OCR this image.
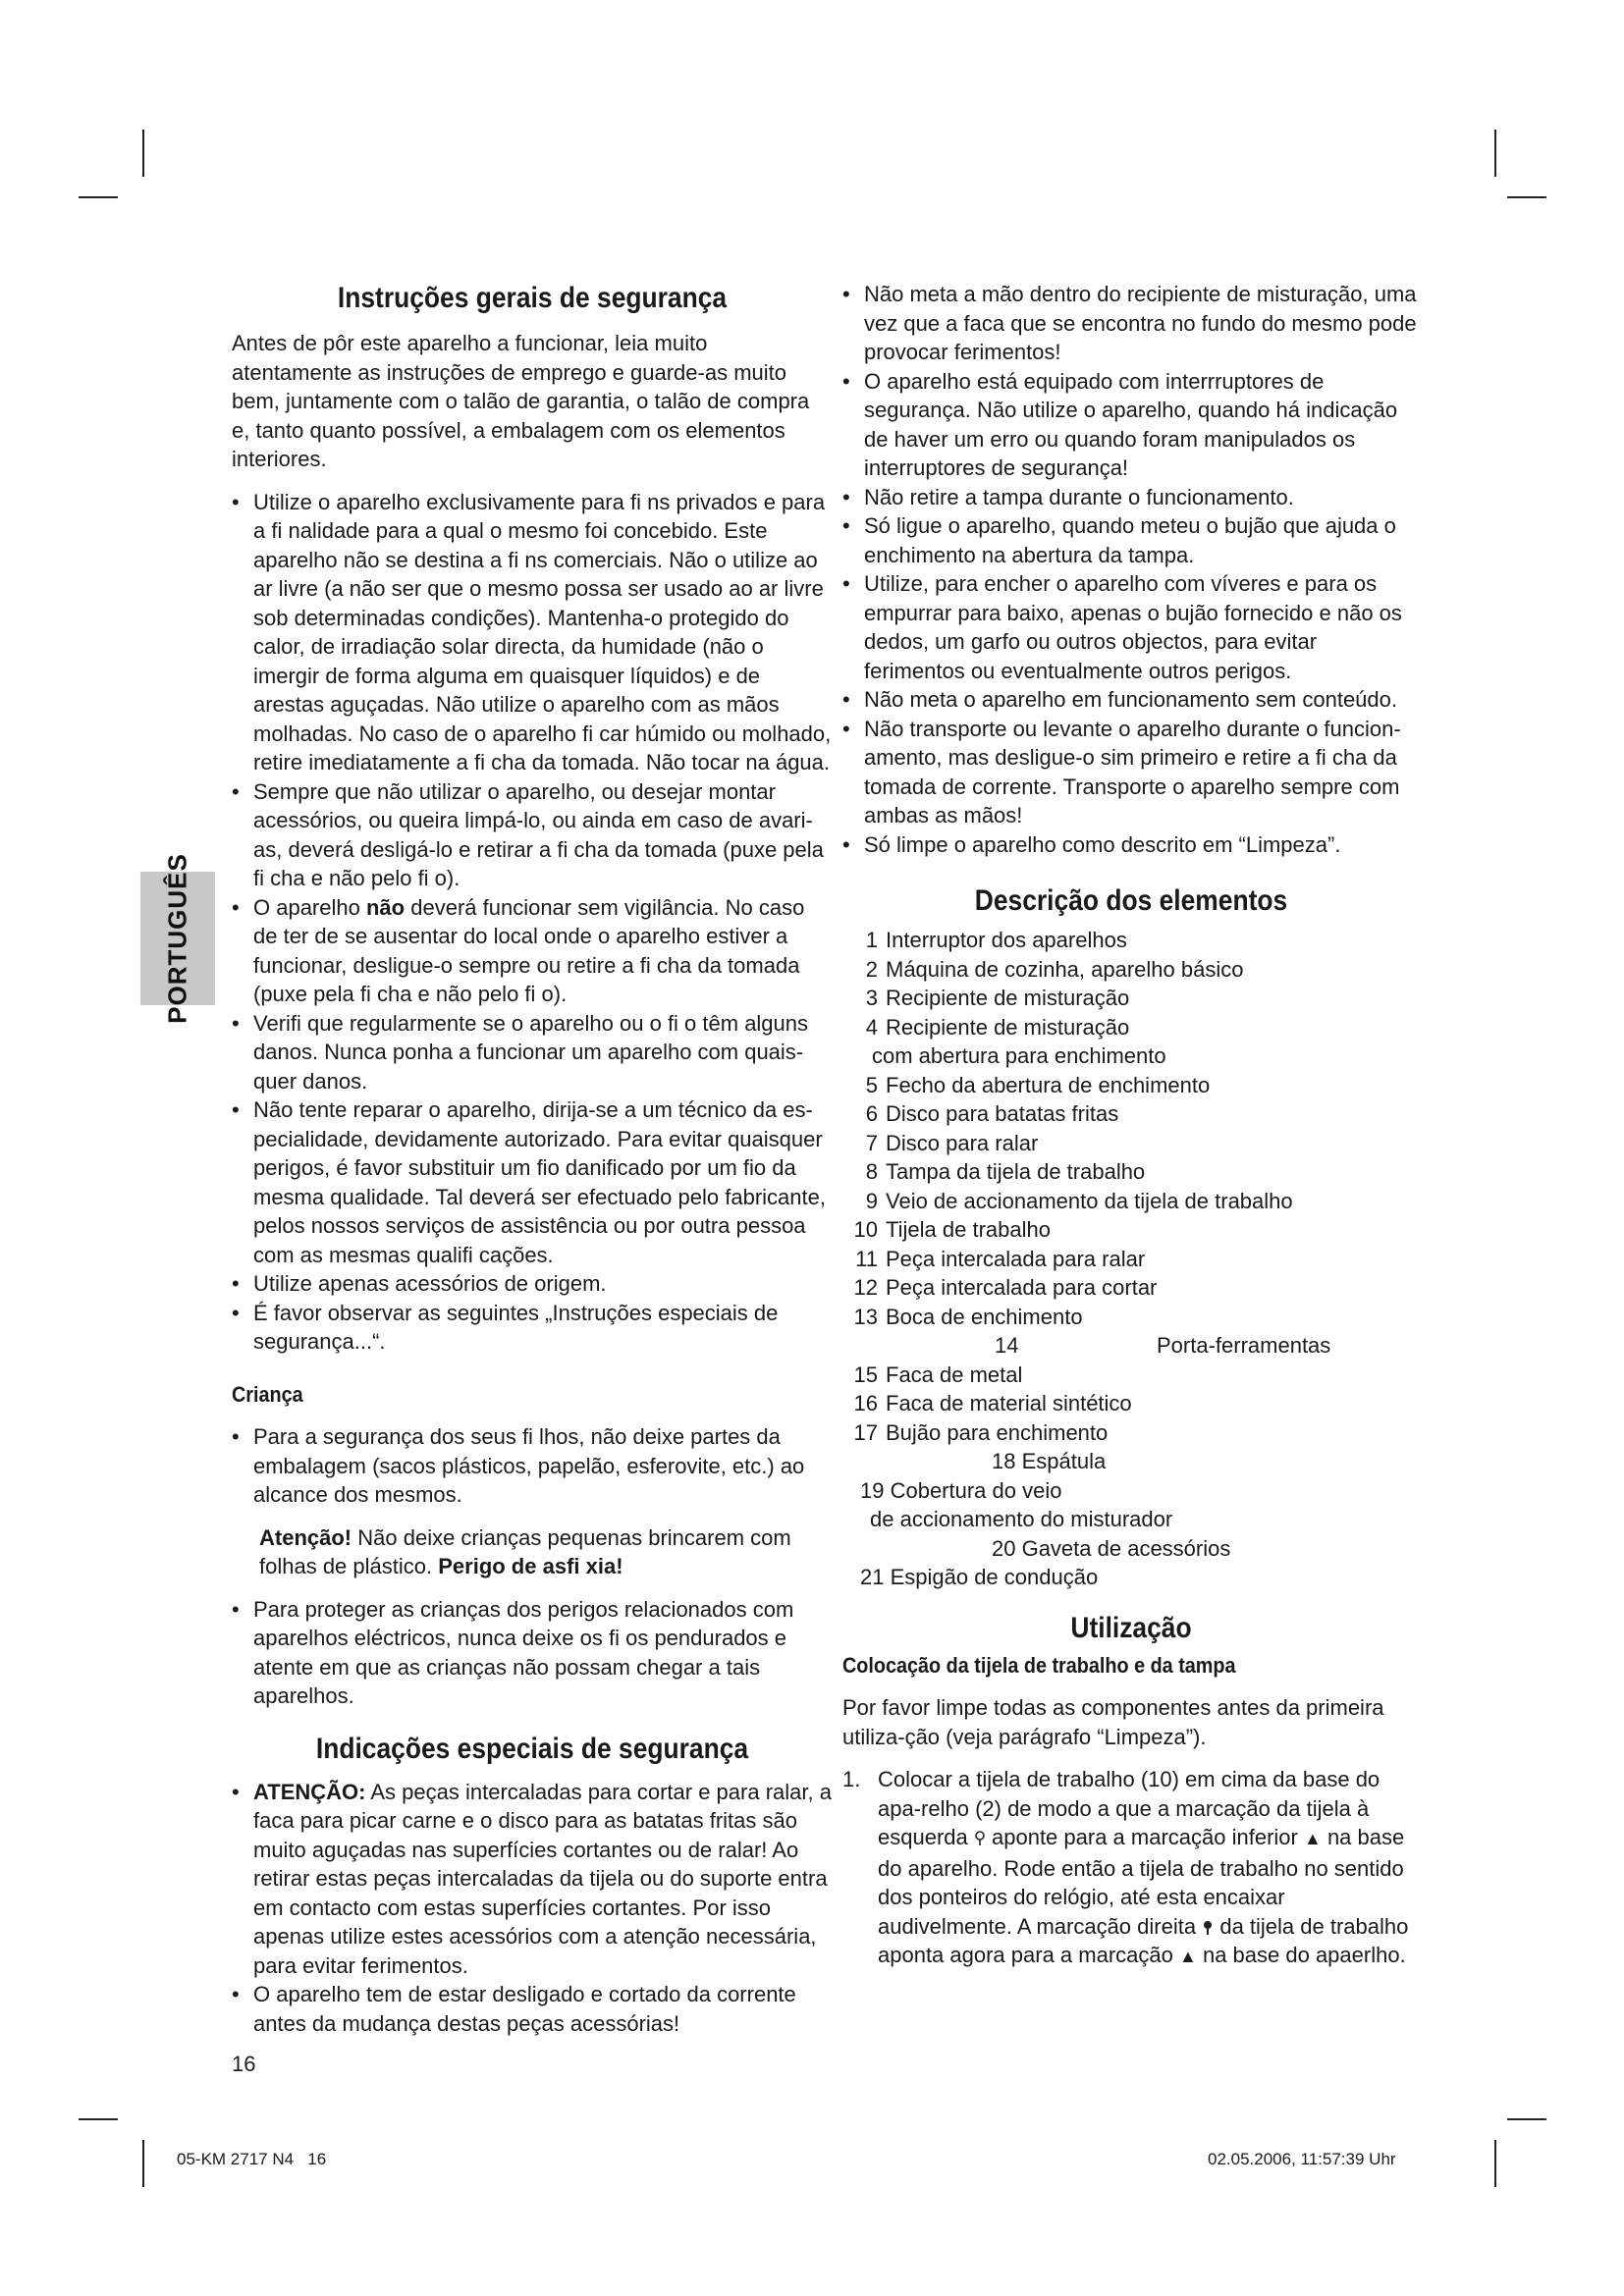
PORTUGUÊS
Instruções gerais de segurança

Antes de pôr este aparelho a funcionar, leia muito atentamente as instruções de emprego e guarde-as muito bem, juntamente com o talão de garantia, o talão de compra e, tanto quanto possível, a embalagem com os elementos interiores.

• Utilize o aparelho exclusivamente para fi ns privados e para a fi nalidade para a qual o mesmo foi concebido. Este aparelho não se destina a fi ns comerciais. Não o utilize ao ar livre (a não ser que o mesmo possa ser usado ao ar livre sob determinadas condições). Mantenha-o protegido do calor, de irradiação solar directa, da humidade (não o imergir de forma alguma em quaisquer líquidos) e de arestas aguçadas. Não utilize o aparelho com as mãos molhadas. No caso de o aparelho fi car húmido ou molhado, retire imediatamente a fi cha da tomada. Não tocar na água.
• Sempre que não utilizar o aparelho, ou desejar montar acessórios, ou queira limpá-lo, ou ainda em caso de avari-as, deverá desligá-lo e retirar a fi cha da tomada (puxe pela fi cha e não pelo fi o).
• O aparelho não deverá funcionar sem vigilância. No caso de ter de se ausentar do local onde o aparelho estiver a funcionar, desligue-o sempre ou retire a fi cha da tomada (puxe pela fi cha e não pelo fi o).
• Verifi que regularmente se o aparelho ou o fi o têm alguns danos. Nunca ponha a funcionar um aparelho com quais-quer danos.
• Não tente reparar o aparelho, dirija-se a um técnico da es-pecialidade, devidamente autorizado. Para evitar quaisquer perigos, é favor substituir um fio danificado por um fio da mesma qualidade. Tal deverá ser efectuado pelo fabricante, pelos nossos serviços de assistência ou por outra pessoa com as mesmas qualifi cações.
• Utilize apenas acessórios de origem.
• É favor observar as seguintes „Instruções especiais de segurança...“.
Criança
• Para a segurança dos seus fi lhos, não deixe partes da embalagem (sacos plásticos, papelão, esferovite, etc.) ao alcance dos mesmos.

Atenção! Não deixe crianças pequenas brincarem com folhas de plástico. Perigo de asfi xia!

• Para proteger as crianças dos perigos relacionados com aparelhos eléctricos, nunca deixe os fi os pendurados e atente em que as crianças não possam chegar a tais aparelhos.
Indicações especiais de segurança
• ATENÇÃO: As peças intercaladas para cortar e para ralar, a faca para picar carne e o disco para as batatas fritas são muito aguçadas nas superfícies cortantes ou de ralar! Ao retirar estas peças intercaladas da tijela ou do suporte entra em contacto com estas superfícies cortantes. Por isso apenas utilize estes acessórios com a atenção necessária, para evitar ferimentos.
• O aparelho tem de estar desligado e cortado da corrente antes da mudança destas peças acessórias!
• Não meta a mão dentro do recipiente de misturação, uma vez que a faca que se encontra no fundo do mesmo pode provocar ferimentos!
• O aparelho está equipado com interrruptores de segurança. Não utilize o aparelho, quando há indicação de haver um erro ou quando foram manipulados os interruptores de segurança!
• Não retire a tampa durante o funcionamento.
• Só ligue o aparelho, quando meteu o bujão que ajuda o enchimento na abertura da tampa.
• Utilize, para encher o aparelho com víveres e para os empurrar para baixo, apenas o bujão fornecido e não os dedos, um garfo ou outros objectos, para evitar ferimentos ou eventualmente outros perigos.
• Não meta o aparelho em funcionamento sem conteúdo.
• Não transporte ou levante o aparelho durante o funcion-amento, mas desligue-o sim primeiro e retire a fi cha da tomada de corrente. Transporte o aparelho sempre com ambas as mãos!
• Só limpe o aparelho como descrito em “Limpeza”.
Descrição dos elementos
1 Interruptor dos aparelhos
2 Máquina de cozinha, aparelho básico
3 Recipiente de misturação
4 Recipiente de misturação
com abertura para enchimento
5 Fecho da abertura de enchimento
6 Disco para batatas fritas
7 Disco para ralar
8 Tampa da tijela de trabalho
9 Veio de accionamento da tijela de trabalho
10 Tijela de trabalho
11 Peça intercalada para ralar
12 Peça intercalada para cortar
13 Boca de enchimento
14	Porta-ferramentas
15 Faca de metal
16 Faca de material sintético
17 Bujão para enchimento
18 Espátula
19 Cobertura do veio
de accionamento do misturador
20 Gaveta de acessórios
21 Espigão de condução
Utilização
Colocação da tijela de trabalho e da tampa

Por favor limpe todas as componentes antes da primeira utiliza-ção (veja parágrafo “Limpeza”).

1. Colocar a tijela de trabalho (10) em cima da base do apa-relho (2) de modo a que a marcação da tijela à esquerda aponte para a marcação inferior ▲ na base do aparelho. Rode então a tijela de trabalho no sentido dos ponteiros do relógio, até esta encaixar audivelmente. A marcação direita da tijela de trabalho aponta agora para a marcação ▲ na base do apaerlho.
16
05-KM 2717 N4   16	02.05.2006, 11:57:39 Uhr
